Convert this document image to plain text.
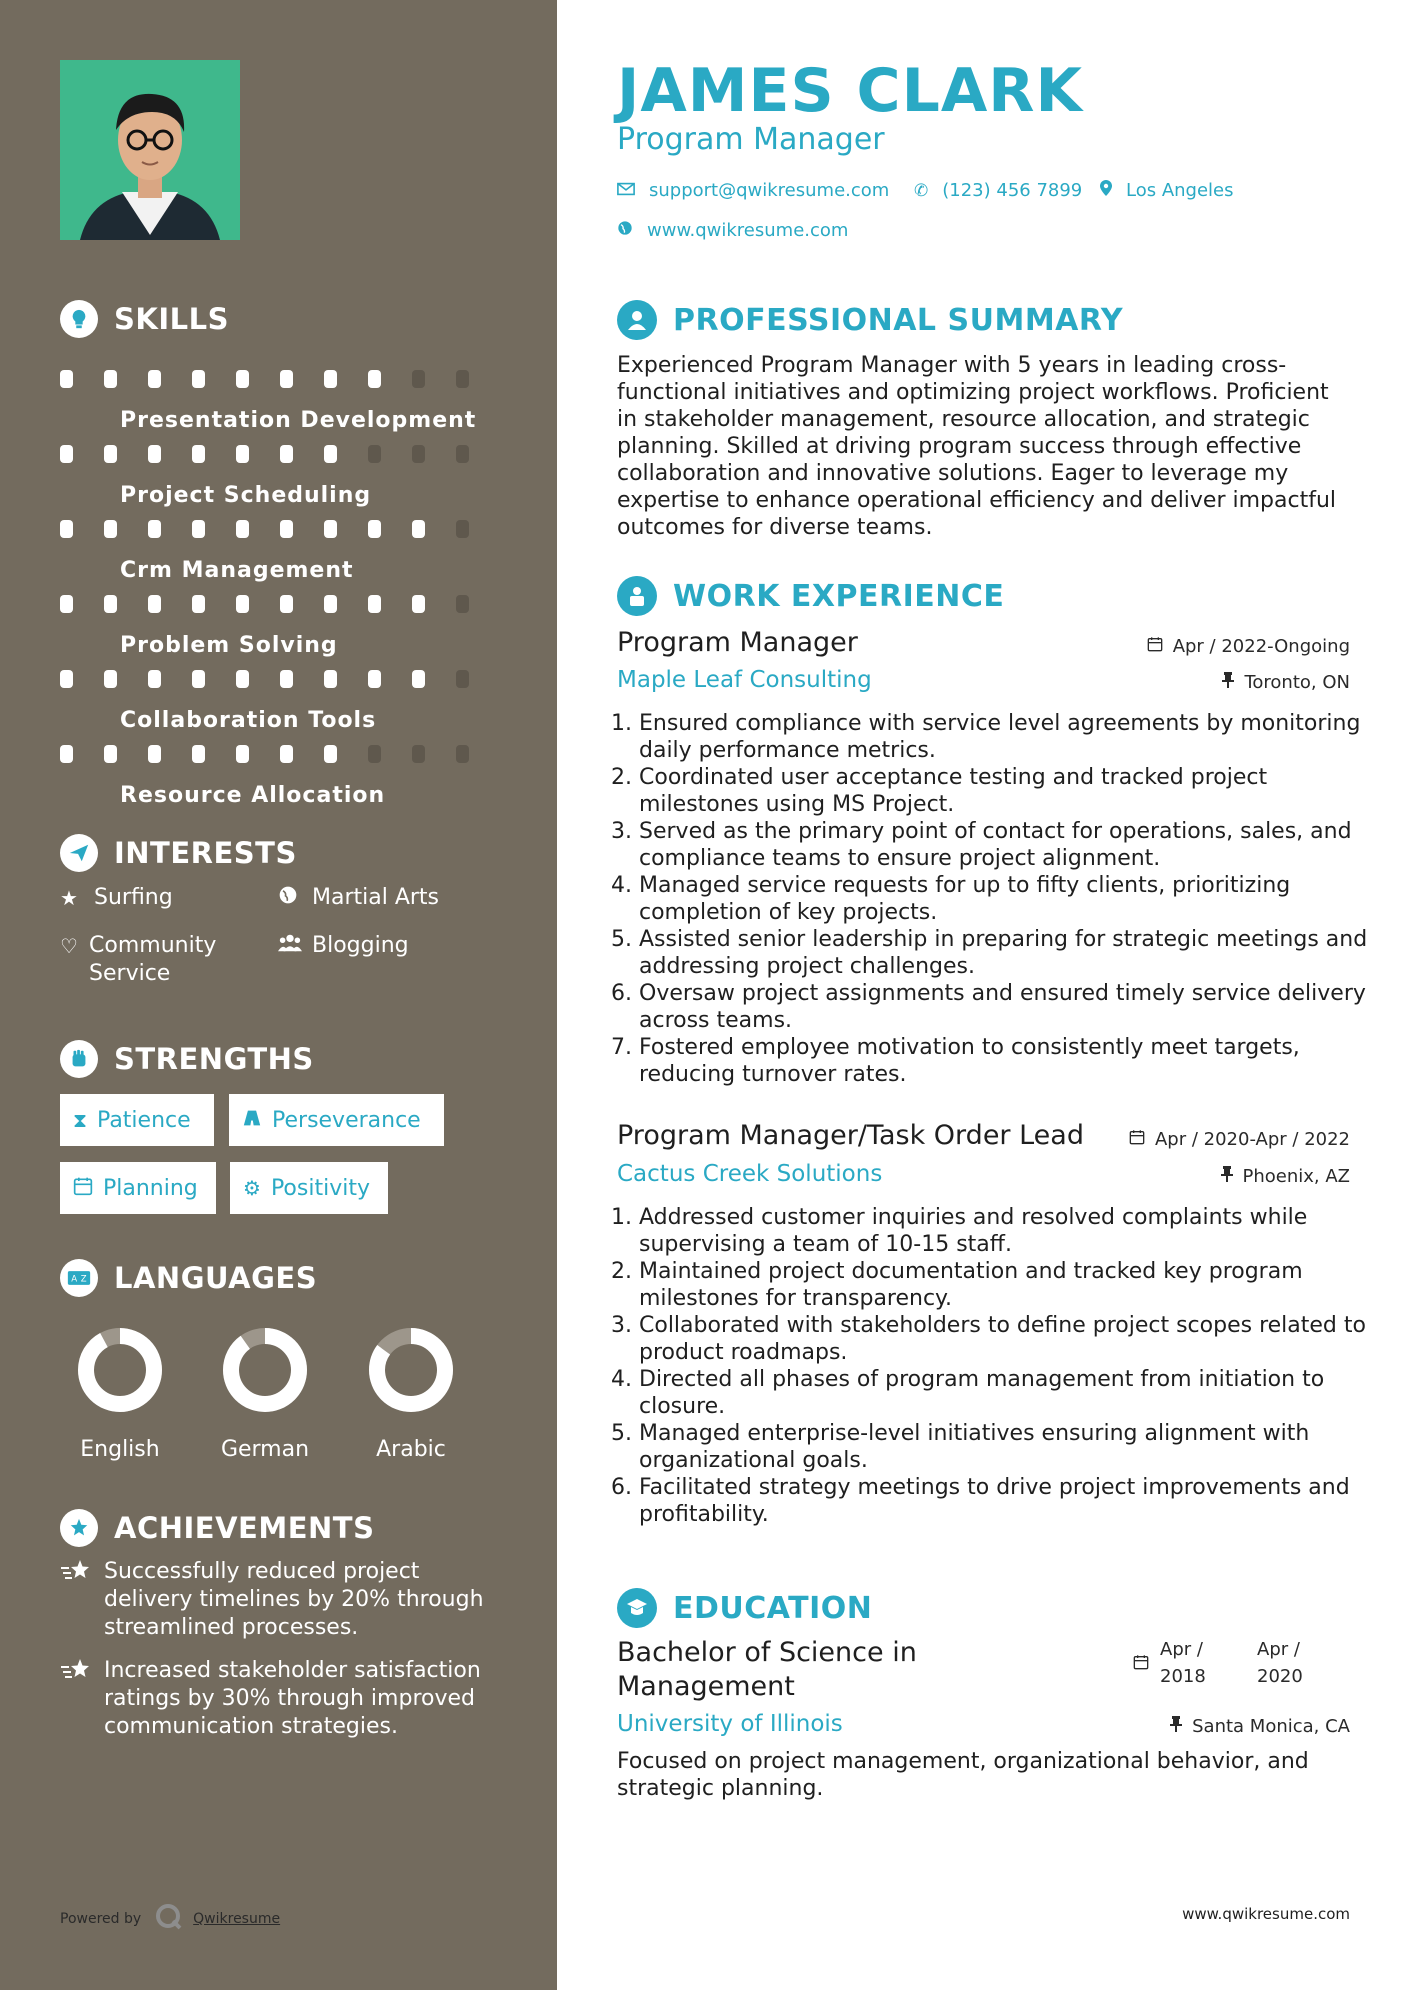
SKILLS
Presentation Development
Project Scheduling
Crm Management
Problem Solving
Collaboration Tools
Resource Allocation
INTERESTS
★ Surfing	Martial Arts
♡ Community Service
Blogging
STRENGTHS
⧗ Patience	Perseverance
Planning ⚙ Positivity
A Z LANGUAGES
English	German	Arabic
ACHIEVEMENTS
Successfully reduced project delivery timelines by 20% through streamlined processes.
Increased stakeholder satisfaction ratings by 30% through improved communication strategies.
Powered by	Qwikresume
JAMES CLARK
Program Manager
support@qwikresume.com ✆ (123) 456 7899 Los Angeles
www.qwikresume.com
PROFESSIONAL SUMMARY
Experienced Program Manager with 5 years in leading cross-functional initiatives and optimizing project workflows. Proficient in stakeholder management, resource allocation, and strategic planning. Skilled at driving program success through effective collaboration and innovative solutions. Eager to leverage my expertise to enhance operational efficiency and deliver impactful outcomes for diverse teams.
WORK EXPERIENCE
Program Manager	Apr / 2022-Ongoing
Maple Leaf Consulting	Toronto, ON
1. Ensured compliance with service level agreements by monitoring daily performance metrics.
2. Coordinated user acceptance testing and tracked project milestones using MS Project.
3. Served as the primary point of contact for operations, sales, and compliance teams to ensure project alignment.
4. Managed service requests for up to fifty clients, prioritizing completion of key projects.
5. Assisted senior leadership in preparing for strategic meetings and addressing project challenges.
6. Oversaw project assignments and ensured timely service delivery across teams.
7. Fostered employee motivation to consistently meet targets, reducing turnover rates.
Program Manager/Task Order Lead	Apr / 2020-Apr / 2022
Cactus Creek Solutions	Phoenix, AZ
1. Addressed customer inquiries and resolved complaints while supervising a team of 10-15 staff.
2. Maintained project documentation and tracked key program milestones for transparency.
3. Collaborated with stakeholders to define project scopes related to product roadmaps.
4. Directed all phases of program management from initiation to closure.
5. Managed enterprise-level initiatives ensuring alignment with organizational goals.
6. Facilitated strategy meetings to drive project improvements and profitability.
EDUCATION
Bachelor of Science in Management
Apr / 2018
Apr / 2020
University of Illinois	Santa Monica, CA
Focused on project management, organizational behavior, and strategic planning.
www.qwikresume.com
